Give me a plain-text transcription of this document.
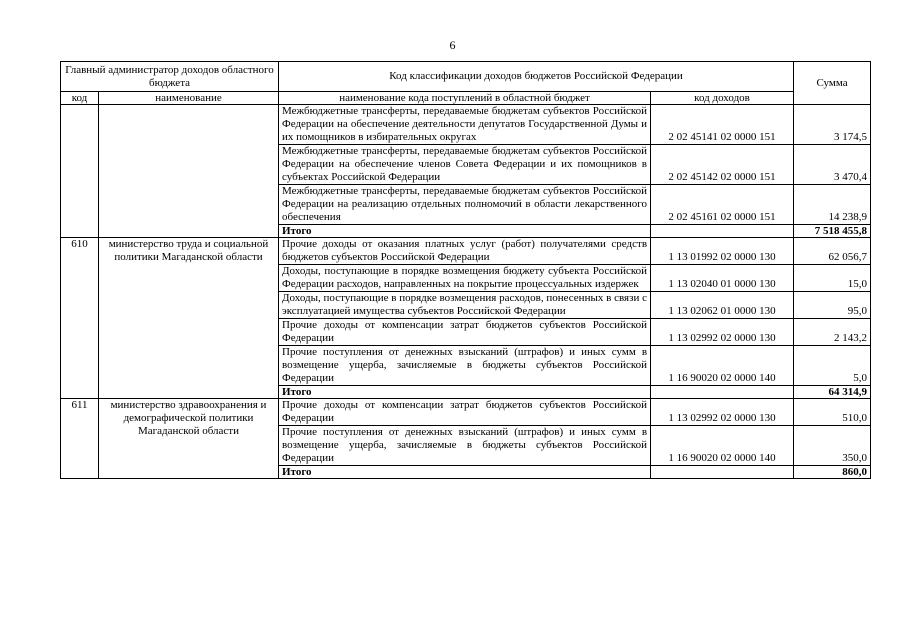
6
Главный администратор доходов областного бюджета		Код классификации доходов бюджетов Российской Федерации		Сумма
код	наименование	наименование кода поступлений в областной бюджет	код доходов	
		Межбюджетные трансферты, передаваемые бюджетам субъектов Российской Федерации на обеспечение деятельности депутатов Государственной Думы и их помощников в избирательных округах	2 02 45141 02 0000 151	3 174,5
		Межбюджетные трансферты, передаваемые бюджетам субъектов Российской Федерации на обеспечение членов Совета Федерации и их помощников в субъектах Российской Федерации	2 02 45142 02 0000 151	3 470,4
		Межбюджетные трансферты, передаваемые бюджетам субъектов Российской Федерации на реализацию отдельных полномочий в области лекарственного обеспечения	2 02 45161 02 0000 151	14 238,9
		Итого		7 518 455,8
610	министерство труда и социальной политики Магаданской области	Прочие доходы от оказания платных услуг (работ) получателями средств бюджетов субъектов Российской Федерации	1 13 01992 02 0000 130	62 056,7
		Доходы, поступающие в порядке возмещения бюджету субъекта Российской Федерации расходов, направленных на покрытие процессуальных издержек	1 13 02040 01 0000 130	15,0
		Доходы, поступающие в порядке возмещения расходов, понесенных в связи с эксплуатацией имущества субъектов Российской Федерации	1 13 02062 01 0000 130	95,0
		Прочие доходы от компенсации затрат бюджетов субъектов Российской Федерации	1 13 02992 02 0000 130	2 143,2
		Прочие поступления от денежных взысканий (штрафов) и иных сумм в возмещение ущерба, зачисляемые в бюджеты субъектов Российской Федерации	1 16 90020 02 0000 140	5,0
		Итого		64 314,9
611	министерство здравоохранения и демографической политики Магаданской области	Прочие доходы от компенсации затрат бюджетов субъектов Российской Федерации	1 13 02992 02 0000 130	510,0
		Прочие поступления от денежных взысканий (штрафов) и иных сумм в возмещение ущерба, зачисляемые в бюджеты субъектов Российской Федерации	1 16 90020 02 0000 140	350,0
		Итого		860,0
